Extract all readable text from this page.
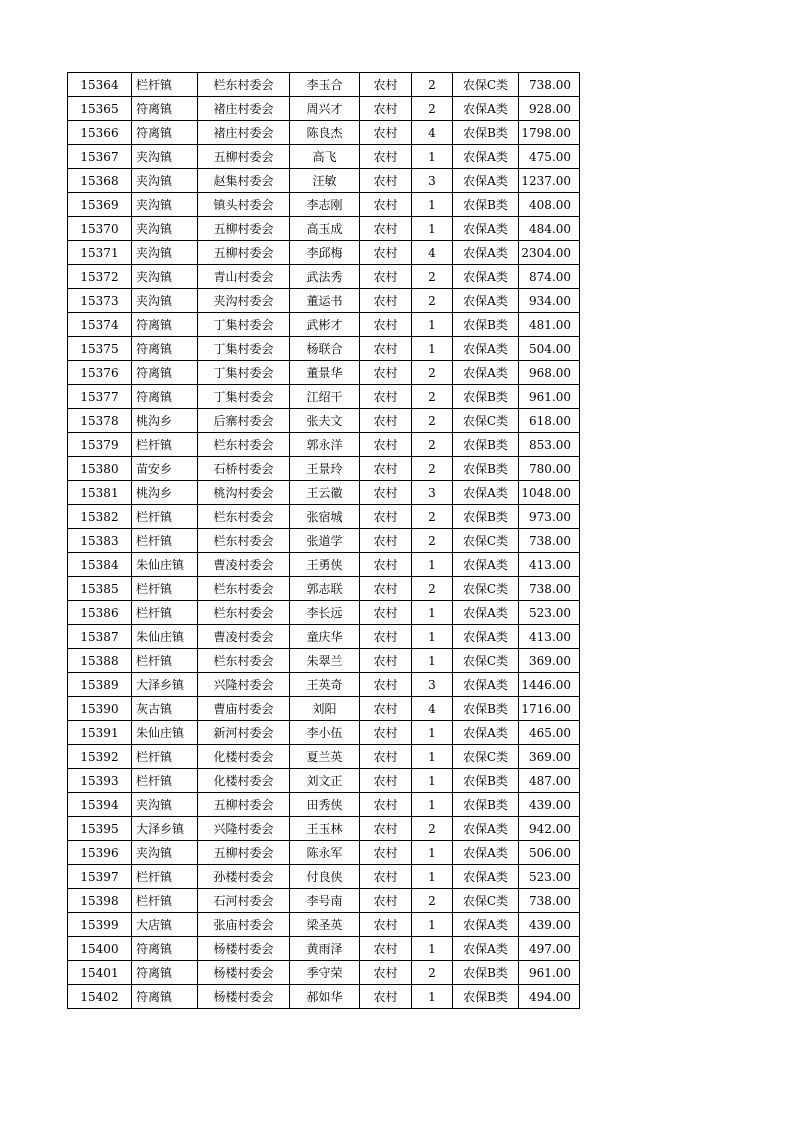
15364	栏杆镇	栏东村委会	李玉合	农村	2	农保C类	738.00
15365	符离镇	褚庄村委会	周兴才	农村	2	农保A类	928.00
15366	符离镇	褚庄村委会	陈良杰	农村	4	农保B类	1798.00
15367	夹沟镇	五柳村委会	高飞	农村	1	农保A类	475.00
15368	夹沟镇	赵集村委会	汪敏	农村	3	农保A类	1237.00
15369	夹沟镇	镇头村委会	李志刚	农村	1	农保B类	408.00
15370	夹沟镇	五柳村委会	高玉成	农村	1	农保A类	484.00
15371	夹沟镇	五柳村委会	李邱梅	农村	4	农保A类	2304.00
15372	夹沟镇	青山村委会	武法秀	农村	2	农保A类	874.00
15373	夹沟镇	夹沟村委会	董运书	农村	2	农保A类	934.00
15374	符离镇	丁集村委会	武彬才	农村	1	农保B类	481.00
15375	符离镇	丁集村委会	杨联合	农村	1	农保A类	504.00
15376	符离镇	丁集村委会	董景华	农村	2	农保A类	968.00
15377	符离镇	丁集村委会	江绍干	农村	2	农保B类	961.00
15378	桃沟乡	后寨村委会	张夫文	农村	2	农保C类	618.00
15379	栏杆镇	栏东村委会	郭永洋	农村	2	农保B类	853.00
15380	苗安乡	石桥村委会	王景玲	农村	2	农保B类	780.00
15381	桃沟乡	桃沟村委会	王云徽	农村	3	农保A类	1048.00
15382	栏杆镇	栏东村委会	张宿城	农村	2	农保B类	973.00
15383	栏杆镇	栏东村委会	张道学	农村	2	农保C类	738.00
15384	朱仙庄镇	曹凌村委会	王勇侠	农村	1	农保A类	413.00
15385	栏杆镇	栏东村委会	郭志联	农村	2	农保C类	738.00
15386	栏杆镇	栏东村委会	李长远	农村	1	农保A类	523.00
15387	朱仙庄镇	曹凌村委会	童庆华	农村	1	农保A类	413.00
15388	栏杆镇	栏东村委会	朱翠兰	农村	1	农保C类	369.00
15389	大泽乡镇	兴隆村委会	王英奇	农村	3	农保A类	1446.00
15390	灰古镇	曹庙村委会	刘阳	农村	4	农保B类	1716.00
15391	朱仙庄镇	新河村委会	李小伍	农村	1	农保A类	465.00
15392	栏杆镇	化楼村委会	夏兰英	农村	1	农保C类	369.00
15393	栏杆镇	化楼村委会	刘文正	农村	1	农保B类	487.00
15394	夹沟镇	五柳村委会	田秀侠	农村	1	农保B类	439.00
15395	大泽乡镇	兴隆村委会	王玉林	农村	2	农保A类	942.00
15396	夹沟镇	五柳村委会	陈永军	农村	1	农保A类	506.00
15397	栏杆镇	孙楼村委会	付良侠	农村	1	农保A类	523.00
15398	栏杆镇	石河村委会	李号南	农村	2	农保C类	738.00
15399	大店镇	张庙村委会	梁圣英	农村	1	农保A类	439.00
15400	符离镇	杨楼村委会	黄雨泽	农村	1	农保A类	497.00
15401	符离镇	杨楼村委会	季守荣	农村	2	农保B类	961.00
15402	符离镇	杨楼村委会	郝如华	农村	1	农保B类	494.00
